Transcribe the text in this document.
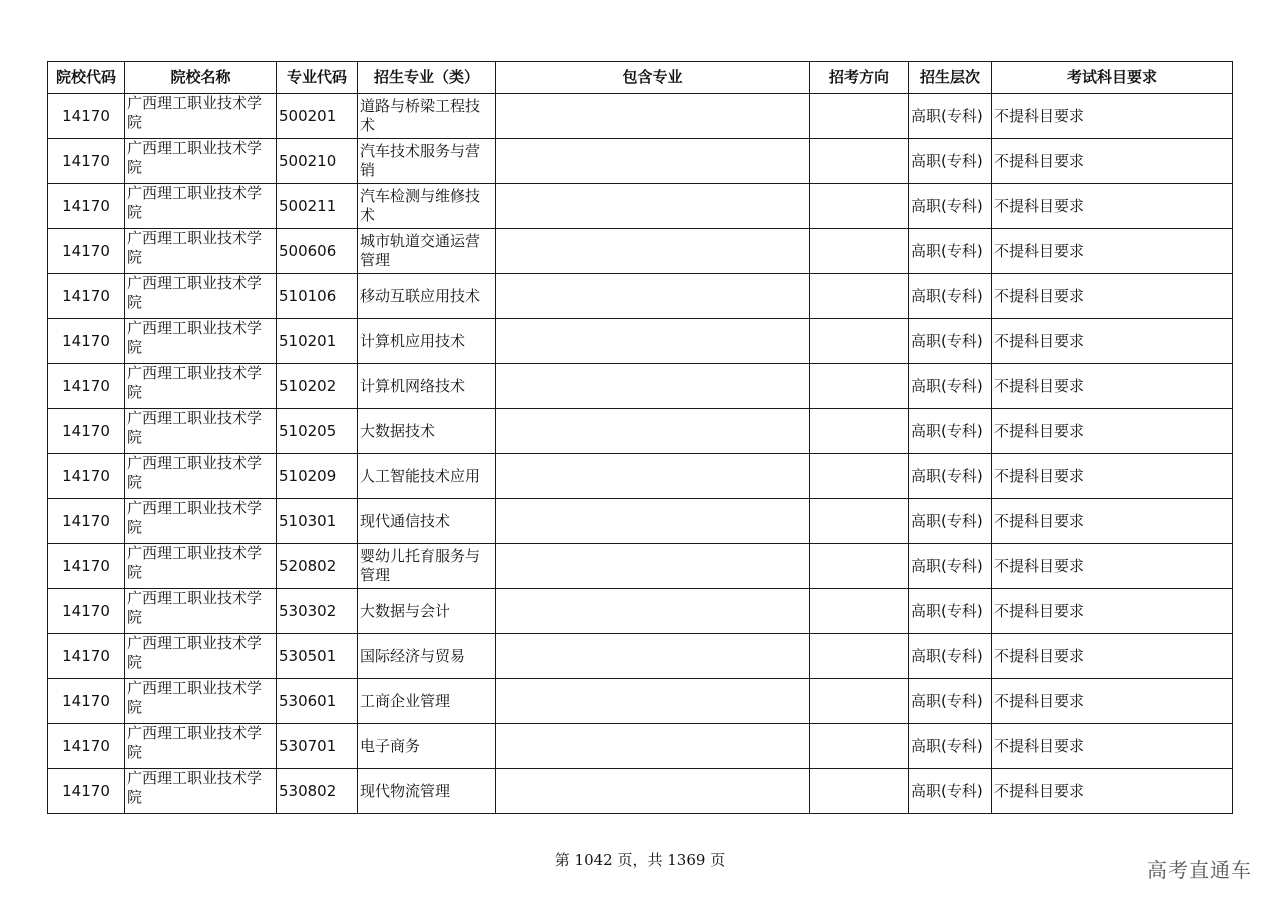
院校代码	院校名称	专业代码	招生专业（类）	包含专业	招考方向	招生层次	考试科目要求
14170	广西理工职业技术学院	500201	道路与桥梁工程技术			高职(专科)	不提科目要求
14170	广西理工职业技术学院	500210	汽车技术服务与营销			高职(专科)	不提科目要求
14170	广西理工职业技术学院	500211	汽车检测与维修技术			高职(专科)	不提科目要求
14170	广西理工职业技术学院	500606	城市轨道交通运营管理			高职(专科)	不提科目要求
14170	广西理工职业技术学院	510106	移动互联应用技术			高职(专科)	不提科目要求
14170	广西理工职业技术学院	510201	计算机应用技术			高职(专科)	不提科目要求
14170	广西理工职业技术学院	510202	计算机网络技术			高职(专科)	不提科目要求
14170	广西理工职业技术学院	510205	大数据技术			高职(专科)	不提科目要求
14170	广西理工职业技术学院	510209	人工智能技术应用			高职(专科)	不提科目要求
14170	广西理工职业技术学院	510301	现代通信技术			高职(专科)	不提科目要求
14170	广西理工职业技术学院	520802	婴幼儿托育服务与管理			高职(专科)	不提科目要求
14170	广西理工职业技术学院	530302	大数据与会计			高职(专科)	不提科目要求
14170	广西理工职业技术学院	530501	国际经济与贸易			高职(专科)	不提科目要求
14170	广西理工职业技术学院	530601	工商企业管理			高职(专科)	不提科目要求
14170	广西理工职业技术学院	530701	电子商务			高职(专科)	不提科目要求
14170	广西理工职业技术学院	530802	现代物流管理			高职(专科)	不提科目要求
第 1042 页，共 1369 页	高考直通车
